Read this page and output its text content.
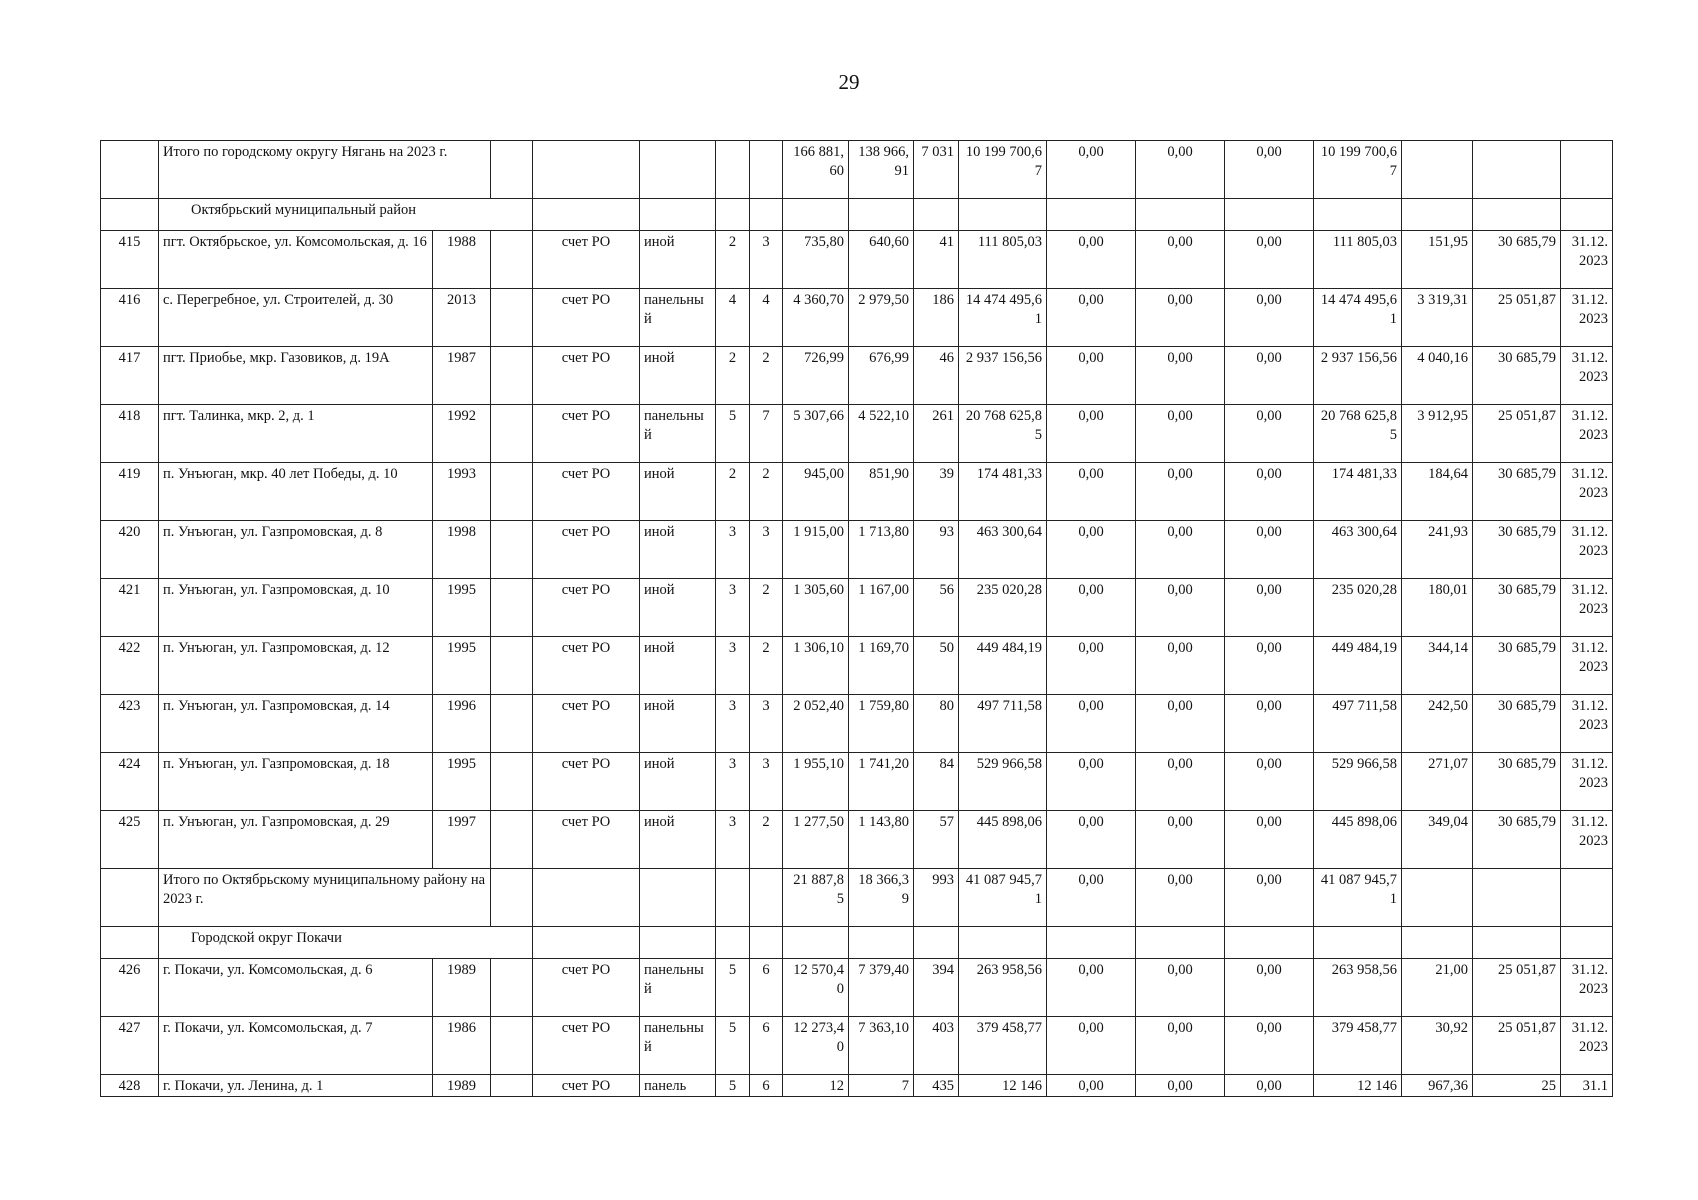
29
	Итого по городскому округу Нягань на 2023 г.							166 881,60	138 966,91	7 031	10 199 700,67	0,00	0,00	0,00	10 199 700,67			
	Октябрьский муниципальный район																	
415	пгт. Октябрьское, ул. Комсомольская, д. 16	1988		счет РО	иной	2	3	735,80	640,60	41	111 805,03	0,00	0,00	0,00	111 805,03	151,95	30 685,79	31.12.2023
416	с. Перегребное, ул. Строителей, д. 30	2013		счет РО	панельный	4	4	4 360,70	2 979,50	186	14 474 495,61	0,00	0,00	0,00	14 474 495,61	3 319,31	25 051,87	31.12.2023
417	пгт. Приобье, мкр. Газовиков, д. 19А	1987		счет РО	иной	2	2	726,99	676,99	46	2 937 156,56	0,00	0,00	0,00	2 937 156,56	4 040,16	30 685,79	31.12.2023
418	пгт. Талинка, мкр. 2, д. 1	1992		счет РО	панельный	5	7	5 307,66	4 522,10	261	20 768 625,85	0,00	0,00	0,00	20 768 625,85	3 912,95	25 051,87	31.12.2023
419	п. Унъюган, мкр. 40 лет Победы, д. 10	1993		счет РО	иной	2	2	945,00	851,90	39	174 481,33	0,00	0,00	0,00	174 481,33	184,64	30 685,79	31.12.2023
420	п. Унъюган, ул. Газпромовская, д. 8	1998		счет РО	иной	3	3	1 915,00	1 713,80	93	463 300,64	0,00	0,00	0,00	463 300,64	241,93	30 685,79	31.12.2023
421	п. Унъюган, ул. Газпромовская, д. 10	1995		счет РО	иной	3	2	1 305,60	1 167,00	56	235 020,28	0,00	0,00	0,00	235 020,28	180,01	30 685,79	31.12.2023
422	п. Унъюган, ул. Газпромовская, д. 12	1995		счет РО	иной	3	2	1 306,10	1 169,70	50	449 484,19	0,00	0,00	0,00	449 484,19	344,14	30 685,79	31.12.2023
423	п. Унъюган, ул. Газпромовская, д. 14	1996		счет РО	иной	3	3	2 052,40	1 759,80	80	497 711,58	0,00	0,00	0,00	497 711,58	242,50	30 685,79	31.12.2023
424	п. Унъюган, ул. Газпромовская, д. 18	1995		счет РО	иной	3	3	1 955,10	1 741,20	84	529 966,58	0,00	0,00	0,00	529 966,58	271,07	30 685,79	31.12.2023
425	п. Унъюган, ул. Газпромовская, д. 29	1997		счет РО	иной	3	2	1 277,50	1 143,80	57	445 898,06	0,00	0,00	0,00	445 898,06	349,04	30 685,79	31.12.2023
	Итого по Октябрьскому муниципальному району на 2023 г.							21 887,85	18 366,39	993	41 087 945,71	0,00	0,00	0,00	41 087 945,71			
	Городской округ Покачи																	
426	г. Покачи, ул. Комсомольская, д. 6	1989		счет РО	панельный	5	6	12 570,40	7 379,40	394	263 958,56	0,00	0,00	0,00	263 958,56	21,00	25 051,87	31.12.2023
427	г. Покачи, ул. Комсомольская, д. 7	1986		счет РО	панельный	5	6	12 273,40	7 363,10	403	379 458,77	0,00	0,00	0,00	379 458,77	30,92	25 051,87	31.12.2023
428	г. Покачи, ул. Ленина, д. 1	1989		счет РО	панель	5	6	12	7	435	12 146	0,00	0,00	0,00	12 146	967,36	25	31.1
